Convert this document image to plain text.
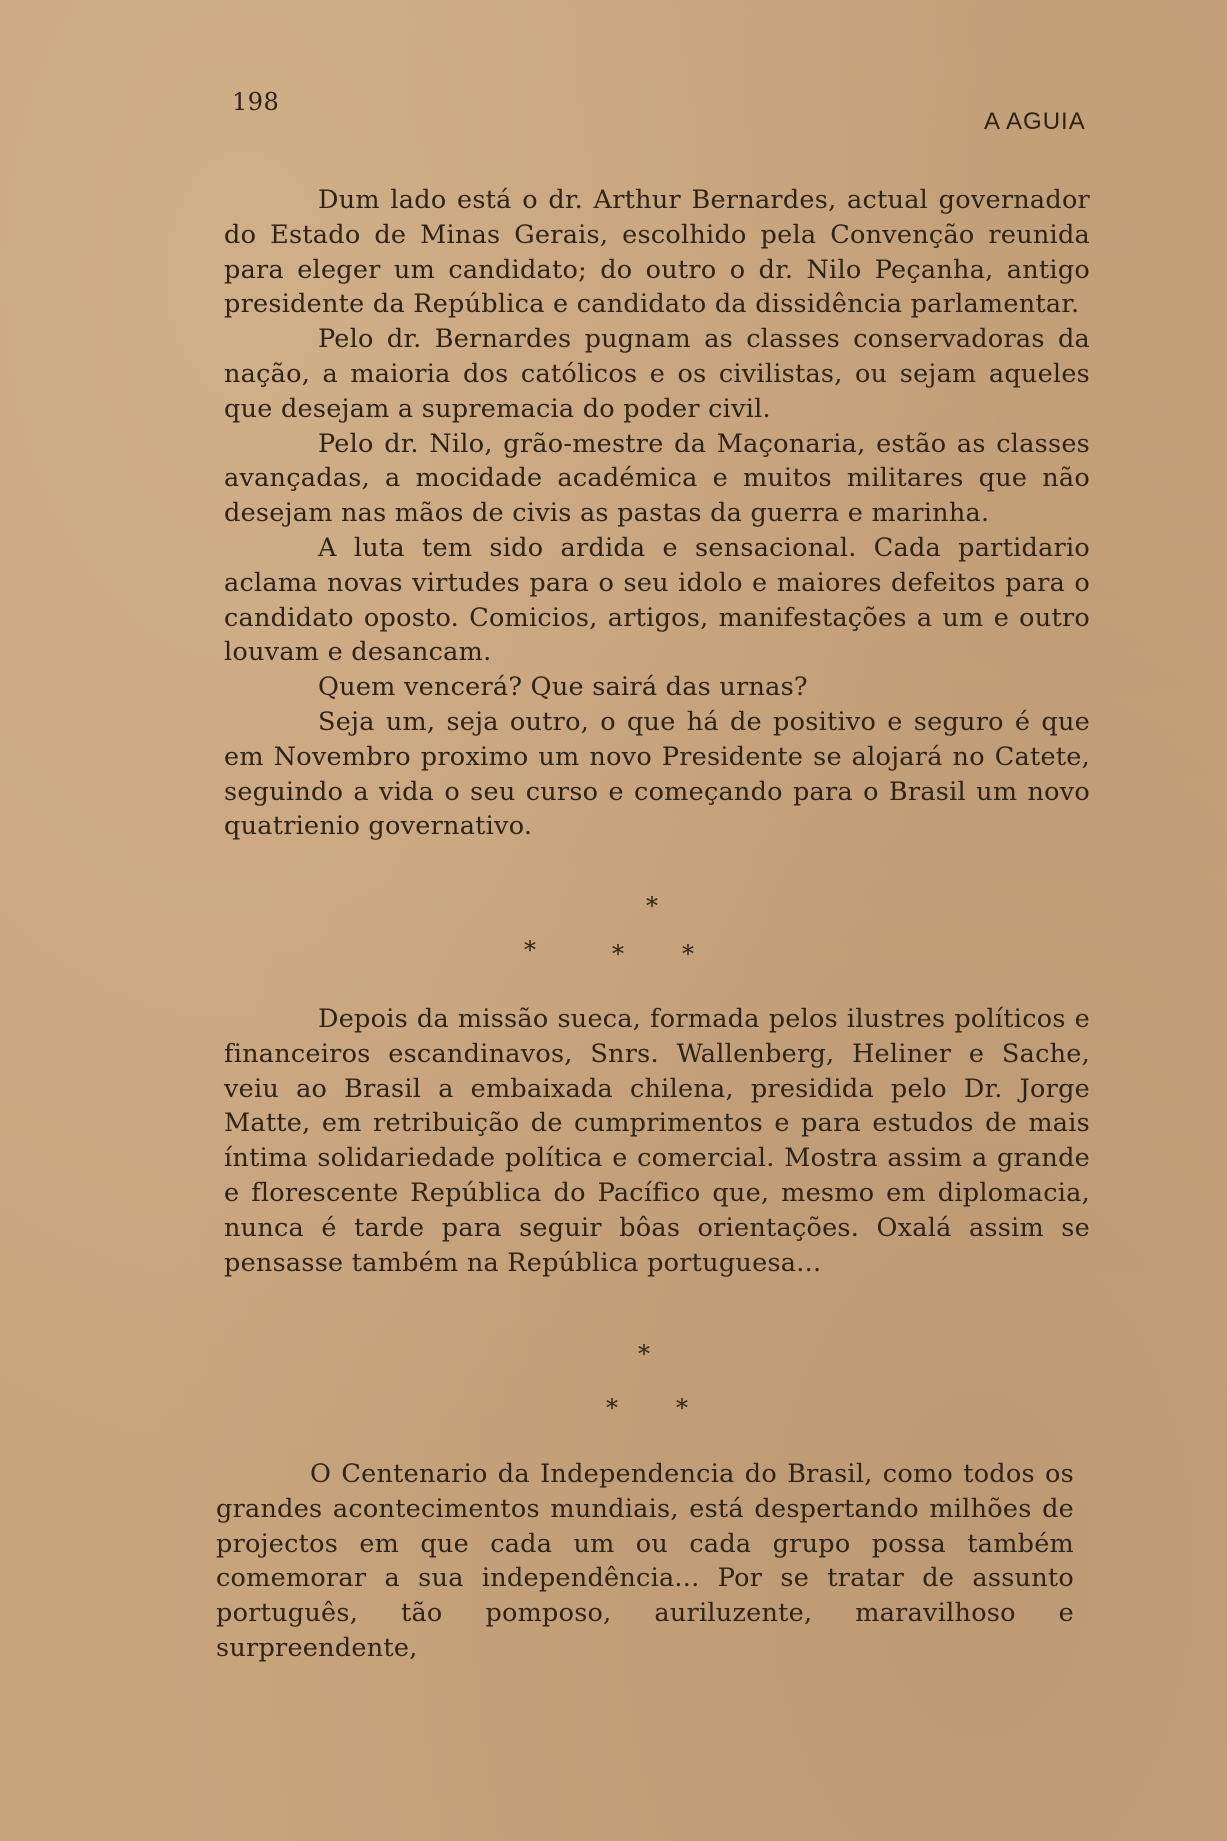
198
A AGUIA

Dum lado está o dr. Arthur Bernardes, actual governador do Estado de Minas Gerais, escolhido pela Convenção reunida para eleger um candidato; do outro o dr. Nilo Peçanha, antigo presidente da República e candidato da dissidência parlamentar.

Pelo dr. Bernardes pugnam as classes conservadoras da nação, a maioria dos católicos e os civilistas, ou sejam aqueles que desejam a supremacia do poder civil.

Pelo dr. Nilo, grão-mestre da Maçonaria, estão as classes avançadas, a mocidade académica e muitos militares que não desejam nas mãos de civis as pastas da guerra e marinha.

A luta tem sido ardida e sensacional. Cada partidario aclama novas virtudes para o seu idolo e maiores defeitos para o candidato oposto. Comicios, artigos, manifestações a um e outro louvam e desancam.

Quem vencerá? Que sairá das urnas?

Seja um, seja outro, o que há de positivo e seguro é que em Novembro proximo um novo Presidente se alojará no Catete, seguindo a vida o seu curso e começando para o Brasil um novo quatrienio governativo.

*
*	* *

Depois da missão sueca, formada pelos ilustres políticos e financeiros escandinavos, Snrs. Wallenberg, Heliner e Sache, veiu ao Brasil a embaixada chilena, presidida pelo Dr. Jorge Matte, em retribuição de cumprimentos e para estudos de mais íntima solidariedade política e comercial. Mostra assim a grande e florescente República do Pacífico que, mesmo em diplomacia, nunca é tarde para seguir bôas orientações. Oxalá assim se pensasse também na República portuguesa...

*
* *

O Centenario da Independencia do Brasil, como todos os grandes acontecimentos mundiais, está despertando milhões de projectos em que cada um ou cada grupo possa também comemorar a sua independência... Por se tratar de assunto português, tão pomposo, auriluzente, maravilhoso e surpreendente,
